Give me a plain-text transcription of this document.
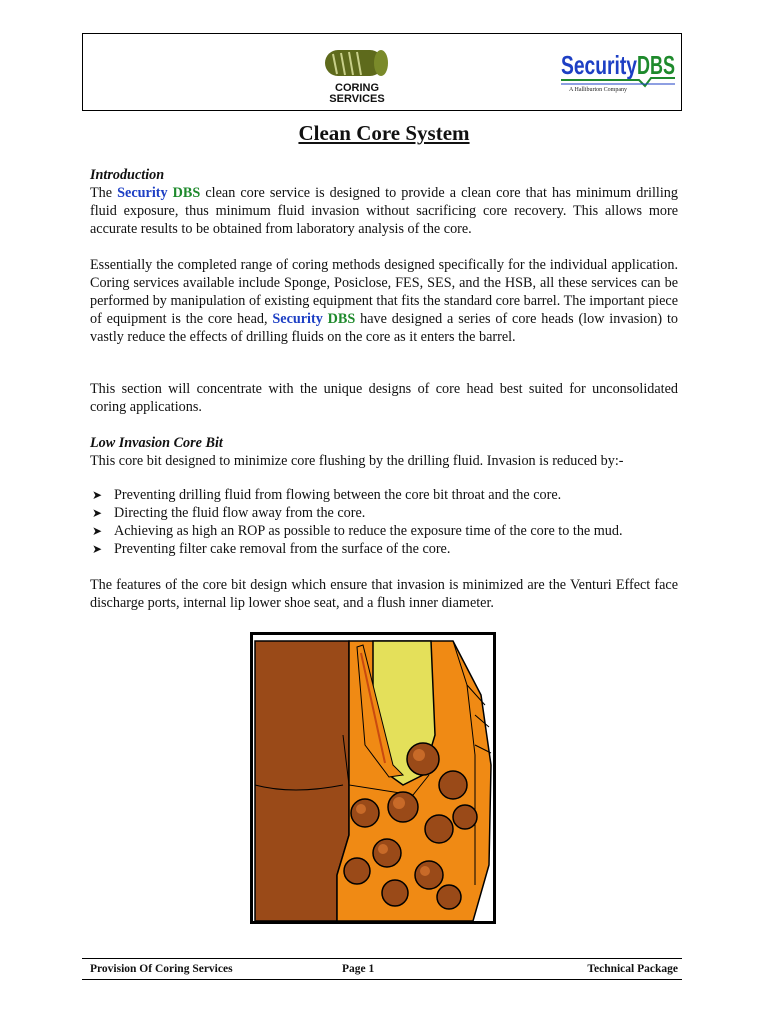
CORING
SERVICES
Security DBS
A Halliburton Company
Clean Core System
Introduction
The Security DBS clean core service is designed to provide a clean core that has minimum drilling fluid exposure, thus minimum fluid invasion without sacrificing core recovery. This allows more accurate results to be obtained from laboratory analysis of the core.
Essentially the completed range of coring methods designed specifically for the individual application. Coring services available include Sponge, Posiclose, FES, SES, and the HSB, all these services can be performed by manipulation of existing equipment that fits the standard core barrel. The important piece of equipment is the core head, Security DBS have designed a series of core heads (low invasion) to vastly reduce the effects of drilling fluids on the core as it enters the barrel.
This section will concentrate with the unique designs of core head best suited for unconsolidated coring applications.
Low Invasion Core Bit
This core bit designed to minimize core flushing by the drilling fluid. Invasion is reduced by:-
➤ Preventing drilling fluid from flowing between the core bit throat and the core.
➤ Directing the fluid flow away from the core.
➤ Achieving as high an ROP as possible to reduce the exposure time of the core to the mud.
➤ Preventing filter cake removal from the surface of the core.
The features of the core bit design which ensure that invasion is minimized are the Venturi Effect face discharge ports, internal lip lower shoe seat, and a flush inner diameter.
Provision Of Coring Services	Page 1	Technical Package
